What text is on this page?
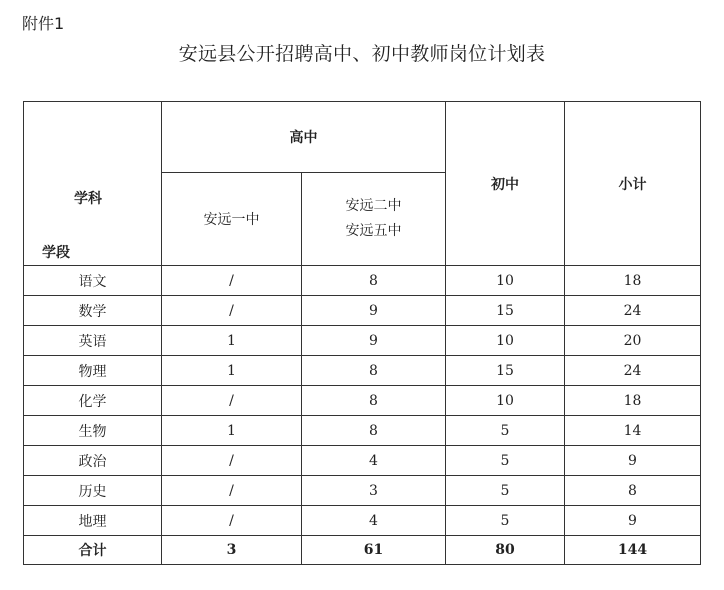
附件1
安远县公开招聘高中、初中教师岗位计划表
学科
学段	高中		初中	小计
	安远一中	安远二中
安远五中		

语文	/	8	10	18
数学	/	9	15	24
英语	1	9	10	20
物理	1	8	15	24
化学	/	8	10	18
生物	1	8	5	14
政治	/	4	5	9
历史	/	3	5	8
地理	/	4	5	9
合计	3	61	80	144
